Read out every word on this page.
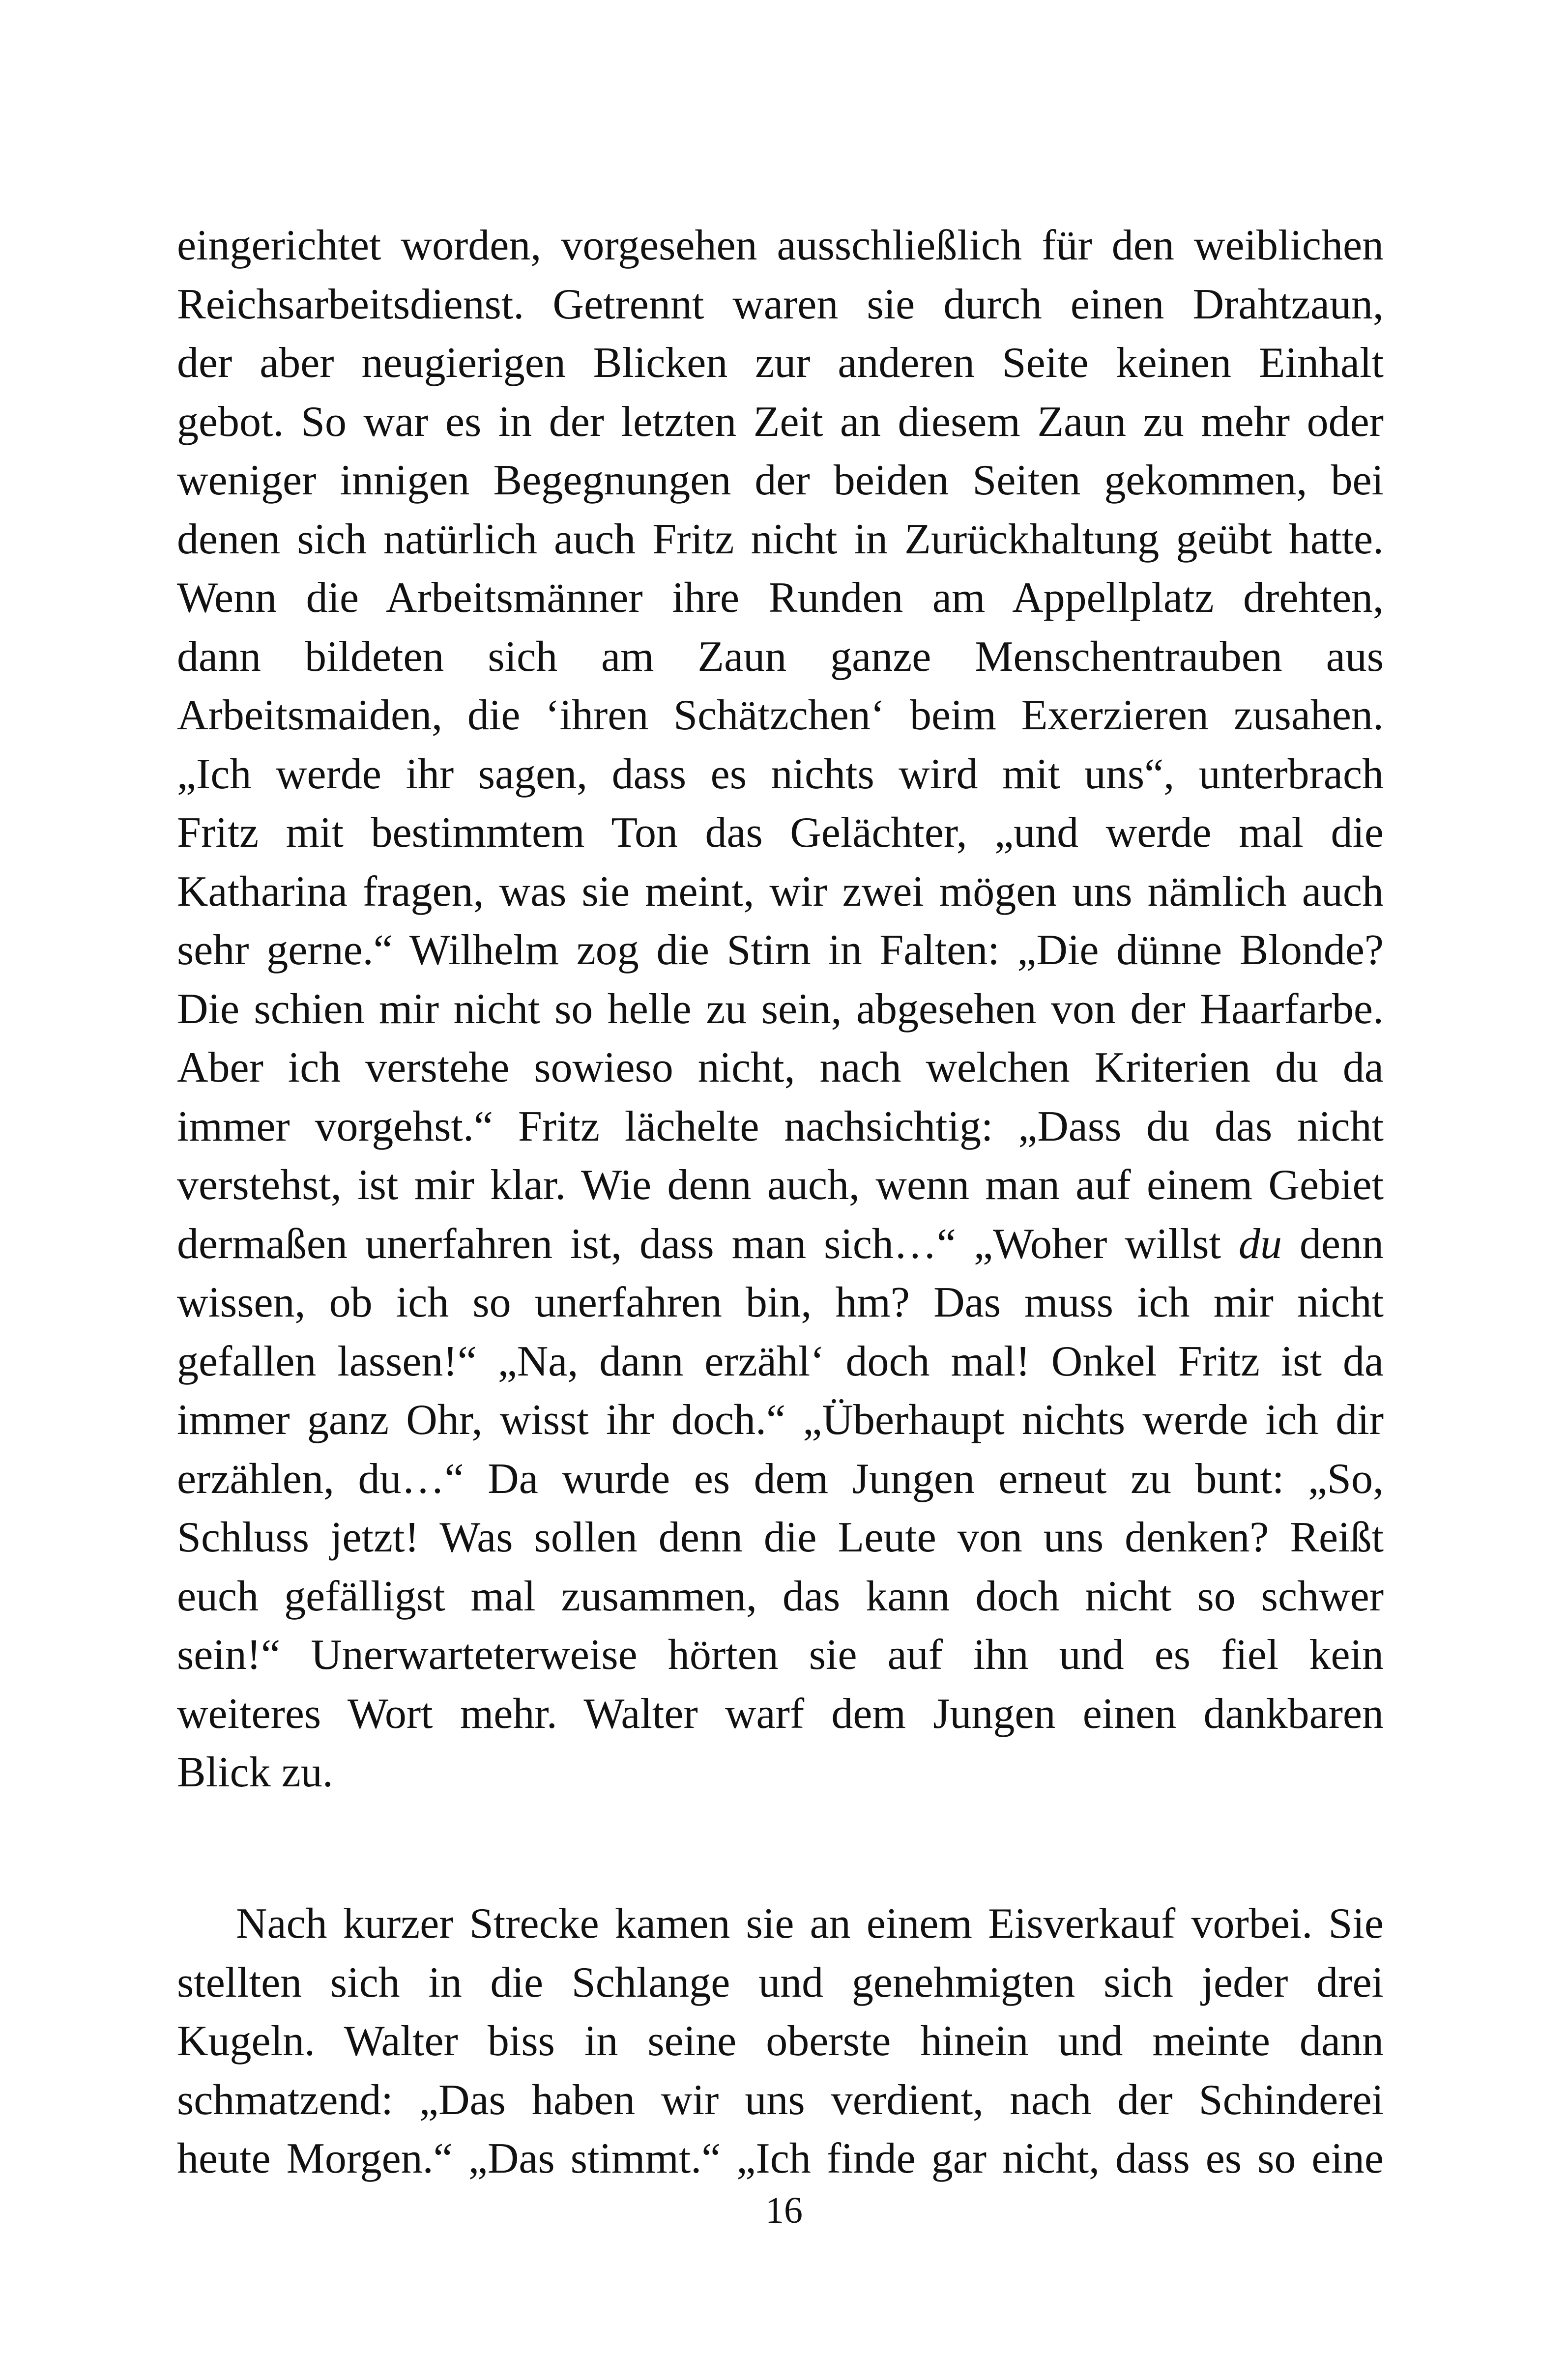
eingerichtet worden, vorgesehen ausschließlich für den weiblichen
Reichsarbeitsdienst. Getrennt waren sie durch einen Drahtzaun,
der aber neugierigen Blicken zur anderen Seite keinen Einhalt
gebot. So war es in der letzten Zeit an diesem Zaun zu mehr oder
weniger innigen Begegnungen der beiden Seiten gekommen, bei
denen sich natürlich auch Fritz nicht in Zurückhaltung geübt hatte.
Wenn die Arbeitsmänner ihre Runden am Appellplatz drehten,
dann bildeten sich am Zaun ganze Menschentrauben aus
Arbeitsmaiden, die ‘ihren Schätzchen‘ beim Exerzieren zusahen.
„Ich werde ihr sagen, dass es nichts wird mit uns“, unterbrach
Fritz mit bestimmtem Ton das Gelächter, „und werde mal die
Katharina fragen, was sie meint, wir zwei mögen uns nämlich auch
sehr gerne.“ Wilhelm zog die Stirn in Falten: „Die dünne Blonde?
Die schien mir nicht so helle zu sein, abgesehen von der Haarfarbe.
Aber ich verstehe sowieso nicht, nach welchen Kriterien du da
immer vorgehst.“ Fritz lächelte nachsichtig: „Dass du das nicht
verstehst, ist mir klar. Wie denn auch, wenn man auf einem Gebiet
dermaßen unerfahren ist, dass man sich…“ „Woher willst du denn
wissen, ob ich so unerfahren bin, hm? Das muss ich mir nicht
gefallen lassen!“ „Na, dann erzähl‘ doch mal! Onkel Fritz ist da
immer ganz Ohr, wisst ihr doch.“ „Überhaupt nichts werde ich dir
erzählen, du…“ Da wurde es dem Jungen erneut zu bunt: „So,
Schluss jetzt! Was sollen denn die Leute von uns denken? Reißt
euch gefälligst mal zusammen, das kann doch nicht so schwer
sein!“ Unerwarteterweise hörten sie auf ihn und es fiel kein
weiteres Wort mehr. Walter warf dem Jungen einen dankbaren
Blick zu.
Nach kurzer Strecke kamen sie an einem Eisverkauf vorbei. Sie
stellten sich in die Schlange und genehmigten sich jeder drei
Kugeln. Walter biss in seine oberste hinein und meinte dann
schmatzend: „Das haben wir uns verdient, nach der Schinderei
heute Morgen.“ „Das stimmt.“ „Ich finde gar nicht, dass es so eine
16
